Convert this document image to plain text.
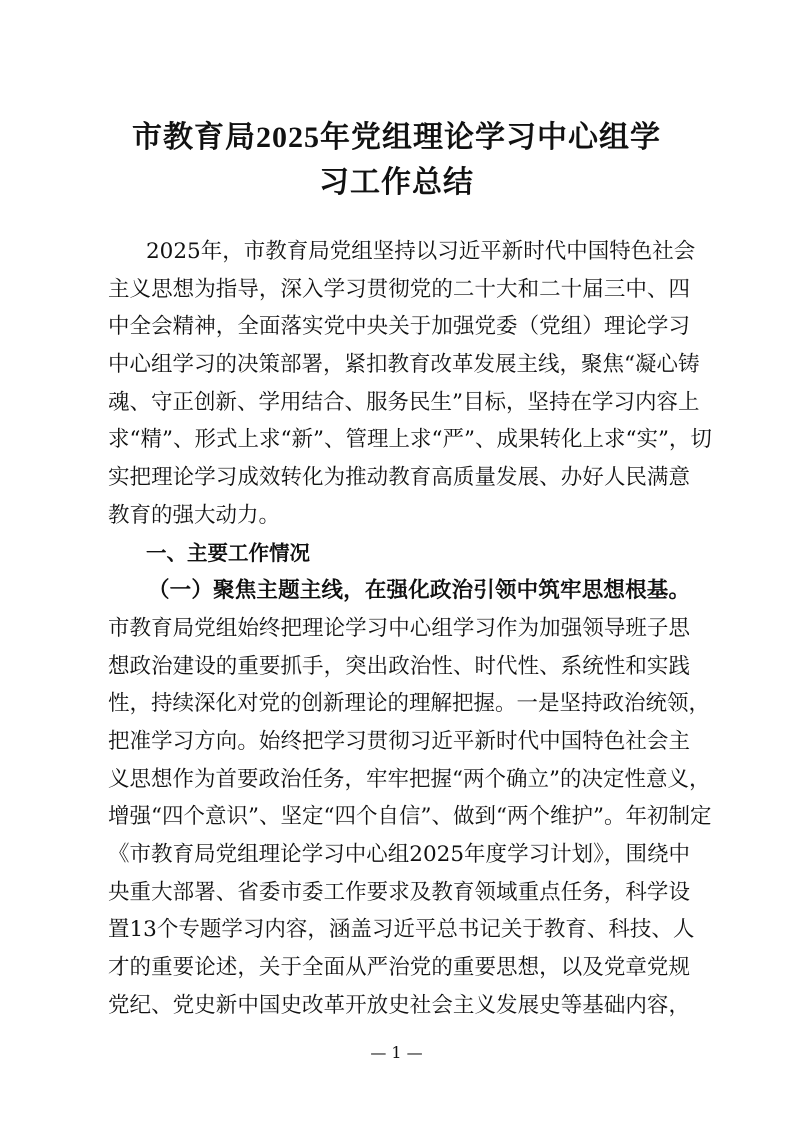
市教育局2025年党组理论学习中心组学
习工作总结
2025年，市教育局党组坚持以习近平新时代中国特色社会
主义思想为指导，深入学习贯彻党的二十大和二十届三中、四
中全会精神，全面落实党中央关于加强党委（党组）理论学习
中心组学习的决策部署，紧扣教育改革发展主线，聚焦“凝心铸
魂、守正创新、学用结合、服务民生”目标，坚持在学习内容上
求“精”、形式上求“新”、管理上求“严”、成果转化上求“实”，切
实把理论学习成效转化为推动教育高质量发展、办好人民满意
教育的强大动力。
一、主要工作情况
（一）聚焦主题主线，在强化政治引领中筑牢思想根基。
市教育局党组始终把理论学习中心组学习作为加强领导班子思
想政治建设的重要抓手，突出政治性、时代性、系统性和实践
性，持续深化对党的创新理论的理解把握。一是坚持政治统领，
把准学习方向。始终把学习贯彻习近平新时代中国特色社会主
义思想作为首要政治任务，牢牢把握“两个确立”的决定性意义，
增强“四个意识”、坚定“四个自信”、做到“两个维护”。年初制定
《市教育局党组理论学习中心组2025年度学习计划》，围绕中
央重大部署、省委市委工作要求及教育领域重点任务，科学设
置13个专题学习内容，涵盖习近平总书记关于教育、科技、人
才的重要论述，关于全面从严治党的重要思想，以及党章党规
党纪、党史新中国史改革开放史社会主义发展史等基础内容，
— 1 —
